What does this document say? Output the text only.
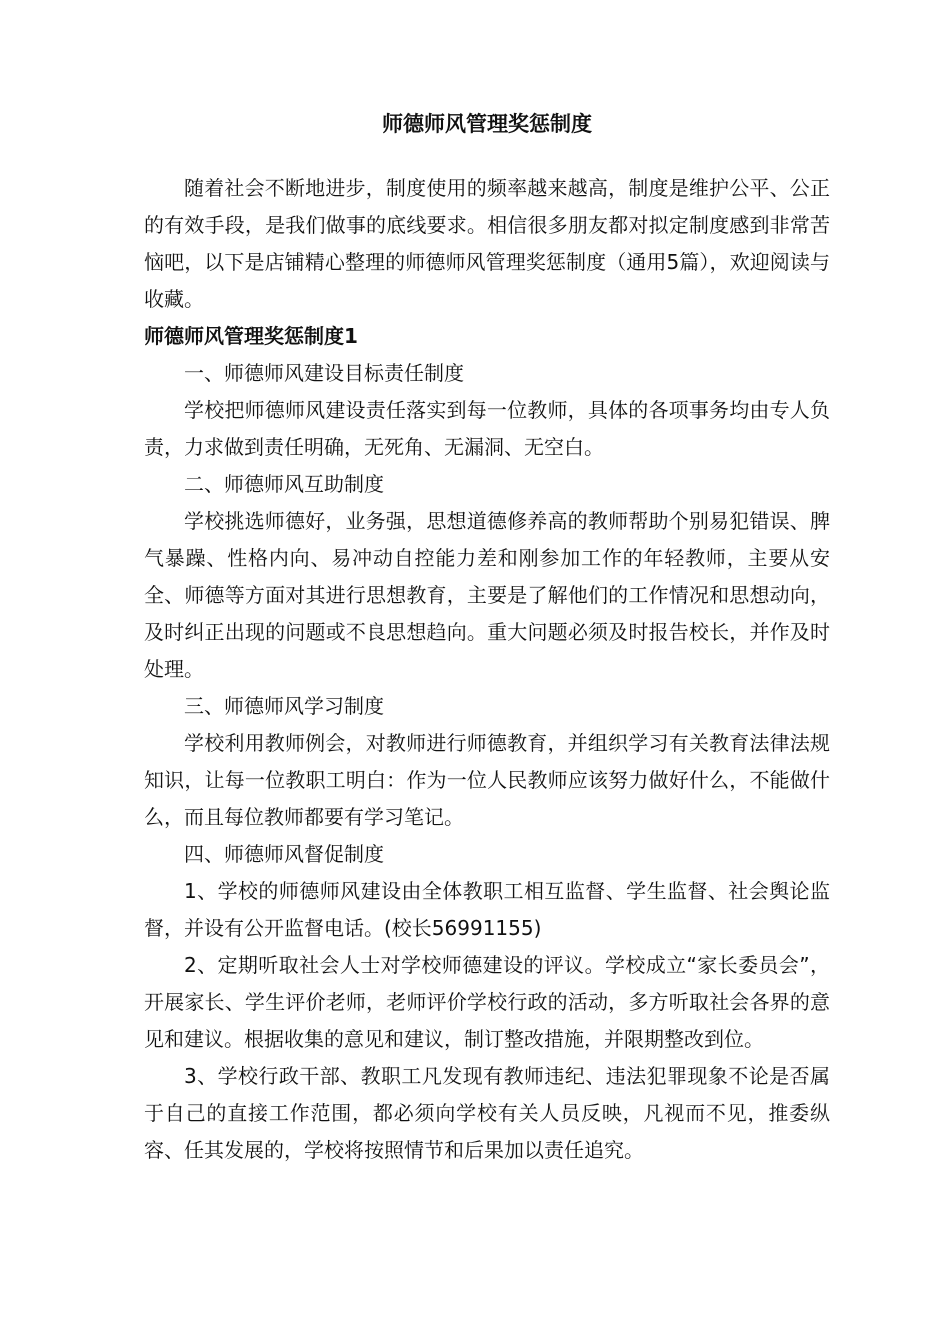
师德师风管理奖惩制度

随着社会不断地进步，制度使用的频率越来越高，制度是维护公平、公正的有效手段，是我们做事的底线要求。相信很多朋友都对拟定制度感到非常苦恼吧，以下是店铺精心整理的师德师风管理奖惩制度（通用5篇），欢迎阅读与收藏。

师德师风管理奖惩制度1

一、师德师风建设目标责任制度

学校把师德师风建设责任落实到每一位教师，具体的各项事务均由专人负责，力求做到责任明确，无死角、无漏洞、无空白。

二、师德师风互助制度

学校挑选师德好，业务强，思想道德修养高的教师帮助个别易犯错误、脾气暴躁、性格内向、易冲动自控能力差和刚参加工作的年轻教师，主要从安全、师德等方面对其进行思想教育，主要是了解他们的工作情况和思想动向，及时纠正出现的问题或不良思想趋向。重大问题必须及时报告校长，并作及时处理。

三、师德师风学习制度

学校利用教师例会，对教师进行师德教育，并组织学习有关教育法律法规知识，让每一位教职工明白：作为一位人民教师应该努力做好什么，不能做什么，而且每位教师都要有学习笔记。

四、师德师风督促制度

1、学校的师德师风建设由全体教职工相互监督、学生监督、社会舆论监督，并设有公开监督电话。(校长56991155)

2、定期听取社会人士对学校师德建设的评议。学校成立“家长委员会”，开展家长、学生评价老师，老师评价学校行政的活动，多方听取社会各界的意见和建议。根据收集的意见和建议，制订整改措施，并限期整改到位。

3、学校行政干部、教职工凡发现有教师违纪、违法犯罪现象不论是否属于自己的直接工作范围，都必须向学校有关人员反映，凡视而不见，推委纵容、任其发展的，学校将按照情节和后果加以责任追究。
